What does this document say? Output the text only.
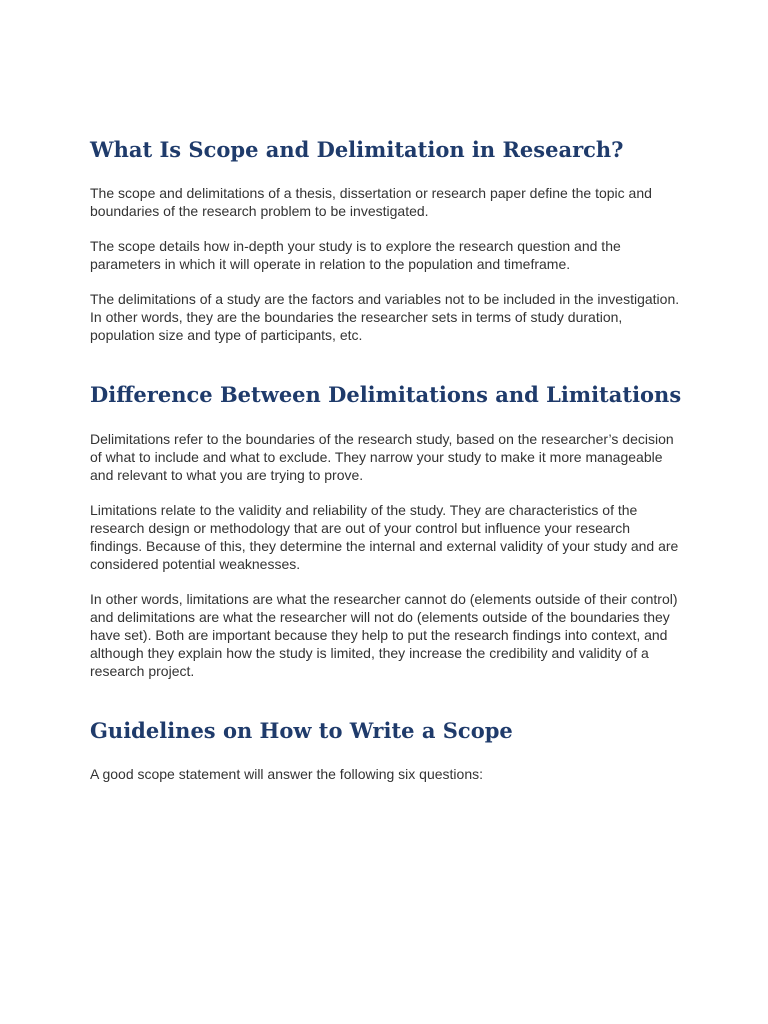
What Is Scope and Delimitation in Research?

The scope and delimitations of a thesis, dissertation or research paper define the topic and boundaries of the research problem to be investigated.

The scope details how in-depth your study is to explore the research question and the parameters in which it will operate in relation to the population and timeframe.

The delimitations of a study are the factors and variables not to be included in the investigation. In other words, they are the boundaries the researcher sets in terms of study duration, population size and type of participants, etc.

Difference Between Delimitations and Limitations

Delimitations refer to the boundaries of the research study, based on the researcher’s decision of what to include and what to exclude. They narrow your study to make it more manageable and relevant to what you are trying to prove.

Limitations relate to the validity and reliability of the study. They are characteristics of the research design or methodology that are out of your control but influence your research findings. Because of this, they determine the internal and external validity of your study and are considered potential weaknesses.

In other words, limitations are what the researcher cannot do (elements outside of their control) and delimitations are what the researcher will not do (elements outside of the boundaries they have set). Both are important because they help to put the research findings into context, and although they explain how the study is limited, they increase the credibility and validity of a research project.

Guidelines on How to Write a Scope

A good scope statement will answer the following six questions:
